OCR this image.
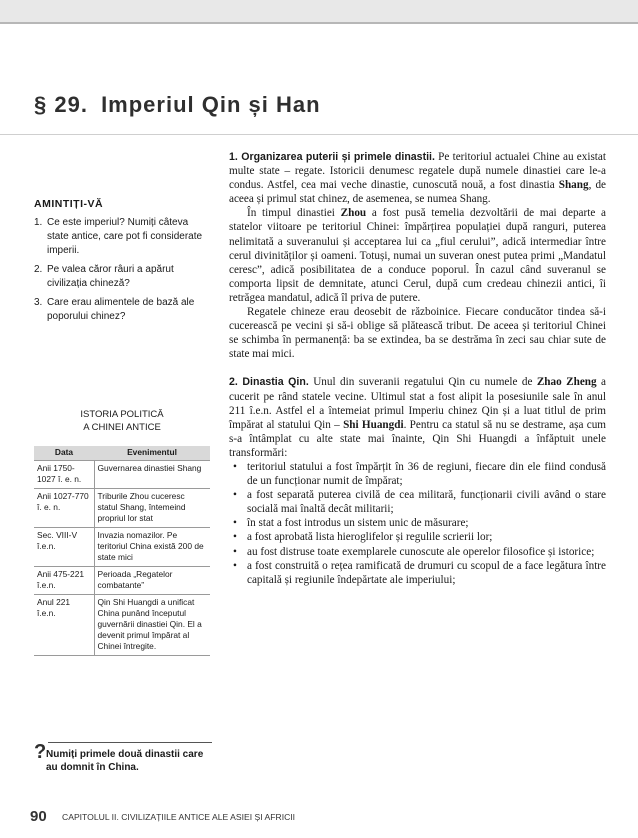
§ 29. Imperiul Qin și Han
AMINTIȚI-VĂ
1. Ce este imperiul? Numiți câteva state antice, care pot fi considerate imperii.
2. Pe valea căror râuri a apărut civilizația chineză?
3. Care erau alimentele de bază ale poporului chinez?
ISTORIA POLITICĂ
A CHINEI ANTICE
Data	Evenimentul
Anii 1750-1027 î. e. n.	Guvernarea dinastiei Shang
Anii 1027-770 î. e. n.	Triburile Zhou cuceresc statul Shang, întemeind propriul lor stat
Sec. VIII-V î.e.n.	Invazia nomazilor. Pe teritoriul China există 200 de state mici
Anii 475-221 î.e.n.	Perioada „Regatelor combatante”
Anul 221 î.e.n.	Qin Shi Huangdi a unificat China punând începutul guvernării dinastiei Qin. El a devenit primul împărat al Chinei întregite.
? Numiți primele două dinastii care au domnit în China.

1. Organizarea puterii și primele dinastii. Pe teritoriul actualei Chine au existat multe state – regate. Istoricii denumesc regatele după numele dinastiei care le-a condus. Astfel, cea mai veche dinastie, cunoscută nouă, a fost dinastia Shang, de aceea și primul stat chinez, de asemenea, se numea Shang.

În timpul dinastiei Zhou a fost pusă temelia dezvoltării de mai departe a statelor viitoare pe teritoriul Chinei: împărțirea populației după ranguri, puterea nelimitată a suveranului și acceptarea lui ca „fiul cerului”, adică intermediar între cerul divinităților și oameni. Totuși, numai un suveran onest putea primi „Mandatul ceresc”, adică posibilitatea de a conduce poporul. În cazul când suveranul se comporta lipsit de demnitate, atunci Cerul, după cum credeau chinezii antici, îi retrăgea mandatul, adică îl priva de putere.

Regatele chineze erau deosebit de războinice. Fiecare conducător tindea să-i cucerească pe vecini și să-i oblige să plătească tribut. De aceea și teritoriul Chinei se schimba în permanență: ba se extindea, ba se destrăma în zeci sau chiar sute de state mai mici.

2. Dinastia Qin. Unul din suveranii regatului Qin cu numele de Zhao Zheng a cucerit pe rând statele vecine. Ultimul stat a fost alipit la posesiunile sale în anul 211 î.e.n. Astfel el a întemeiat primul Imperiu chinez Qin și a luat titlul de prim împărat al statului Qin – Shi Huangdi. Pentru ca statul să nu se destrame, așa cum s-a întâmplat cu alte state mai înainte, Qin Shi Huangdi a înfăptuit unele transformări:

• teritoriul statului a fost împărțit în 36 de regiuni, fiecare din ele fiind condusă de un funcționar numit de împărat;
• a fost separată puterea civilă de cea militară, funcționarii civili având o stare socială mai înaltă decât militarii;
• în stat a fost introdus un sistem unic de măsurare;
• a fost aprobată lista hieroglifelor și regulile scrierii lor;
• au fost distruse toate exemplarele cunoscute ale operelor filosofice și istorice;
• a fost construită o rețea ramificată de drumuri cu scopul de a face legătura între capitală și regiunile îndepărtate ale imperiului;
90 CAPITOLUL II. CIVILIZAȚIILE ANTICE ALE ASIEI ȘI AFRICII
